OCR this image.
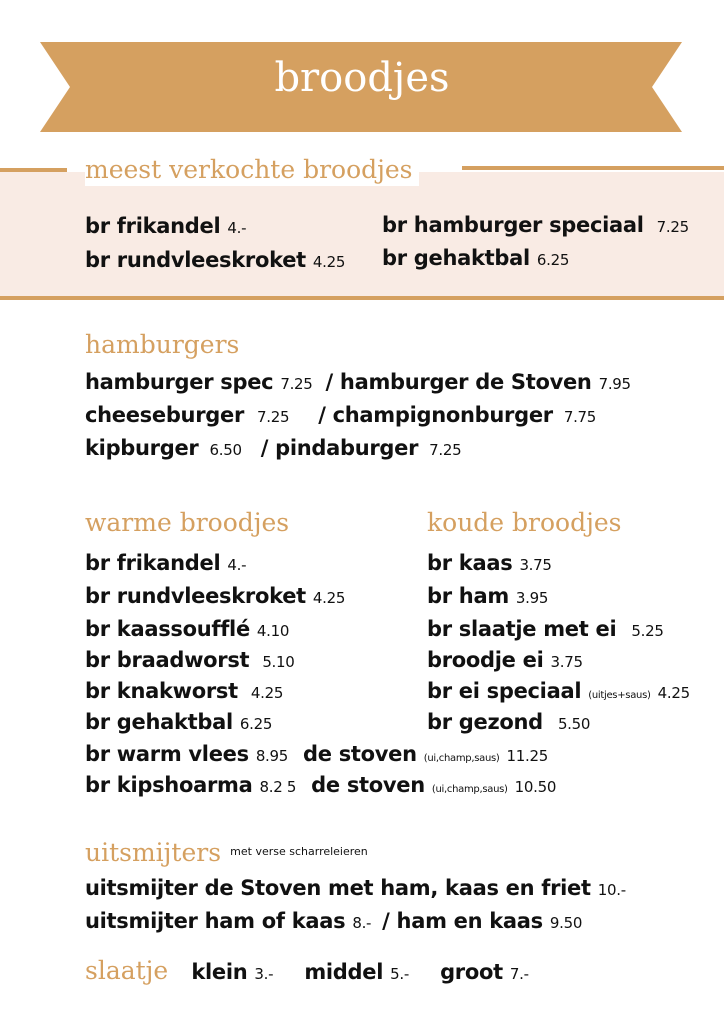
broodjes
meest verkochte broodjes
br frikandel 4.-
br rundvleeskroket 4.25
br hamburger speciaal 7.25
br gehaktbal 6.25
hamburgers
hamburger spec 7.25 / hamburger de Stoven 7.95
cheeseburger 7.25 / champignonburger 7.75
kipburger 6.50 / pindaburger 7.25
warme broodjes	koude broodjes
br frikandel 4.-
br rundvleeskroket 4.25
br kaassoufflé 4.10
br braadworst 5.10
br knakworst 4.25
br gehaktbal 6.25
br kaas 3.75
br ham 3.95
br slaatje met ei 5.25
broodje ei 3.75
br ei speciaal (uitjes+saus) 4.25
br gezond 5.50
br warm vlees 8.95 de stoven (ui,champ,saus) 11.25
br kipshoarma 8.2 5 de stoven (ui,champ,saus) 10.50
uitsmijters $^{met verse scharreleieren}$
uitsmijter de Stoven met ham, kaas en friet 10.-
uitsmijter ham of kaas 8.- / ham en kaas 9.50
slaatje klein 3.- middel 5.- groot 7.-
